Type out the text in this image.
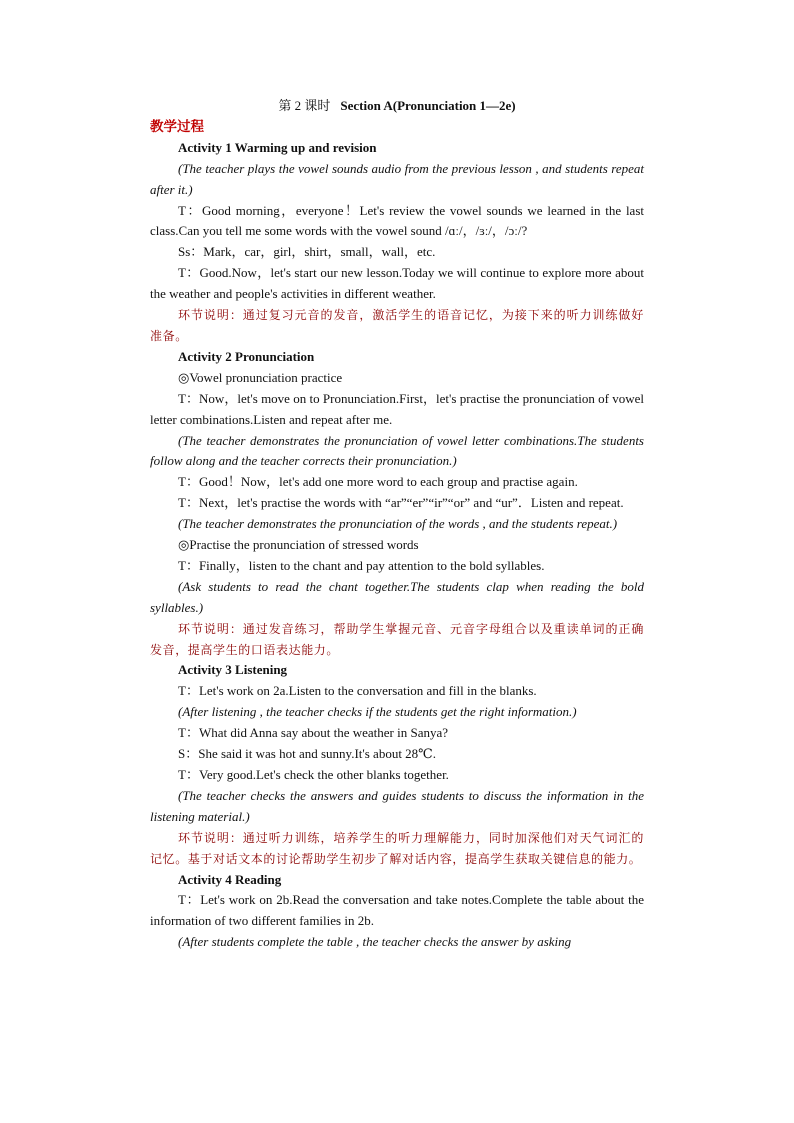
第 2 课时 Section A(Pronunciation 1—2e)

教学过程

Activity 1 Warming up and revision

(The teacher plays the vowel sounds audio from the previous lesson , and students repeat after it.)

T：Good morning，everyone！Let's review the vowel sounds we learned in the last class.Can you tell me some words with the vowel sound /ɑː/，/ɜː/，/ɔː/?

Ss：Mark，car，girl，shirt，small，wall，etc.

T：Good.Now，let's start our new lesson.Today we will continue to explore more about the weather and people's activities in different weather.

环节说明：通过复习元音的发音，激活学生的语音记忆，为接下来的听力训练做好准备。

Activity 2 Pronunciation

◎Vowel pronunciation practice

T：Now，let's move on to Pronunciation.First，let's practise the pronunciation of vowel letter combinations.Listen and repeat after me.

(The teacher demonstrates the pronunciation of vowel letter combinations.The students follow along and the teacher corrects their pronunciation.)

T：Good！Now，let's add one more word to each group and practise again.

T：Next，let's practise the words with “ar”“er”“ir”“or” and “ur”．Listen and repeat.

(The teacher demonstrates the pronunciation of the words , and the students repeat.)

◎Practise the pronunciation of stressed words

T：Finally，listen to the chant and pay attention to the bold syllables.

(Ask students to read the chant together.The students clap when reading the bold syllables.)

环节说明：通过发音练习，帮助学生掌握元音、元音字母组合以及重读单词的正确发音，提高学生的口语表达能力。

Activity 3 Listening

T：Let's work on 2a.Listen to the conversation and fill in the blanks.

(After listening , the teacher checks if the students get the right information.)

T：What did Anna say about the weather in Sanya?

S：She said it was hot and sunny.It's about 28℃.

T：Very good.Let's check the other blanks together.

(The teacher checks the answers and guides students to discuss the information in the listening material.)

环节说明：通过听力训练，培养学生的听力理解能力，同时加深他们对天气词汇的记忆。基于对话文本的讨论帮助学生初步了解对话内容，提高学生获取关键信息的能力。

Activity 4 Reading

T：Let's work on 2b.Read the conversation and take notes.Complete the table about the information of two different families in 2b.

(After students complete the table , the teacher checks the answer by asking
